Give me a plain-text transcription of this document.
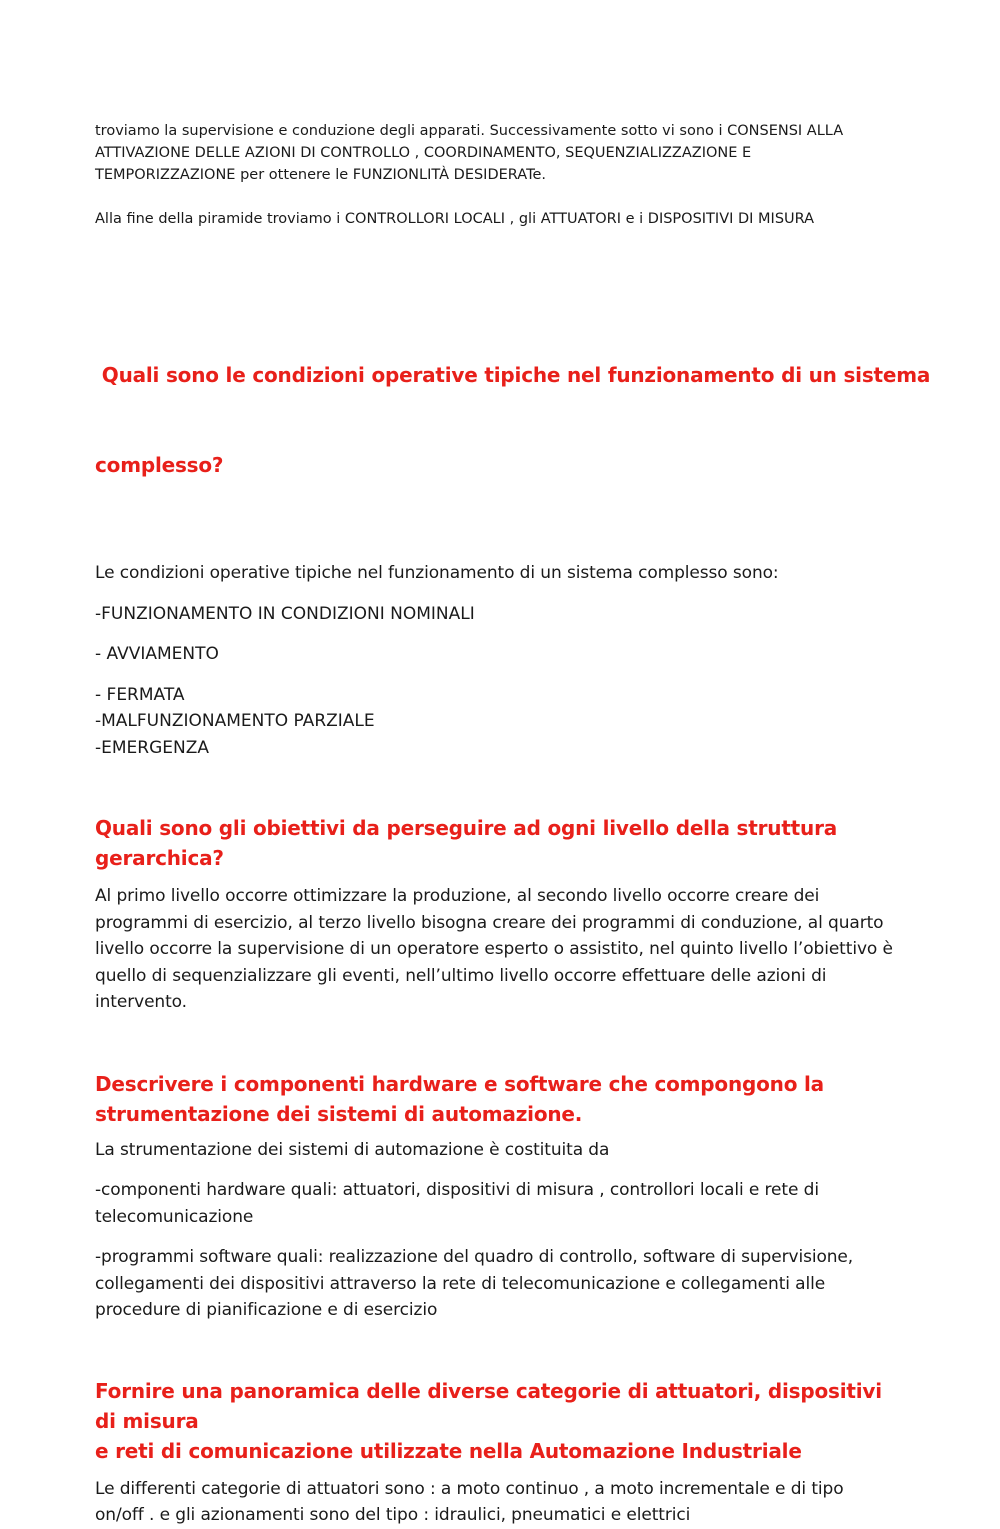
troviamo la supervisione e conduzione degli apparati. Successivamente sotto vi sono i CONSENSI ALLA

ATTIVAZIONE DELLE AZIONI DI CONTROLLO , COORDINAMENTO, SEQUENZIALIZZAZIONE E

TEMPORIZZAZIONE per ottenere le FUNZIONLITÀ DESIDERATe.

Alla fine della piramide troviamo i CONTROLLORI LOCALI , gli ATTUATORI e i DISPOSITIVI DI MISURA

Quali sono le condizioni operative tipiche nel funzionamento di un sistema

complesso?

Le condizioni operative tipiche nel funzionamento di un sistema complesso sono:

-FUNZIONAMENTO IN CONDIZIONI NOMINALI

- AVVIAMENTO

- FERMATA

-MALFUNZIONAMENTO PARZIALE

-EMERGENZA

Quali sono gli obiettivi da perseguire ad ogni livello della struttura gerarchica?

Al primo livello occorre ottimizzare la produzione, al secondo livello occorre creare dei

programmi di esercizio, al terzo livello bisogna creare dei programmi di conduzione, al quarto

livello occorre la supervisione di un operatore esperto o assistito, nel quinto livello l’obiettivo è

quello di sequenzializzare gli eventi, nell’ultimo livello occorre effettuare delle azioni di

intervento.

Descrivere i componenti hardware e software che compongono la
strumentazione dei sistemi di automazione.

La strumentazione dei sistemi di automazione è costituita da

-componenti hardware quali: attuatori, dispositivi di misura , controllori locali e rete di

telecomunicazione

-programmi software quali: realizzazione del quadro di controllo, software di supervisione,

collegamenti dei dispositivi attraverso la rete di telecomunicazione e collegamenti alle

procedure di pianificazione e di esercizio

Fornire una panoramica delle diverse categorie di attuatori, dispositivi di misura
e reti di comunicazione utilizzate nella Automazione Industriale

Le differenti categorie di attuatori sono : a moto continuo , a moto incrementale e di tipo

on/off . e gli azionamenti sono del tipo : idraulici, pneumatici e elettrici
